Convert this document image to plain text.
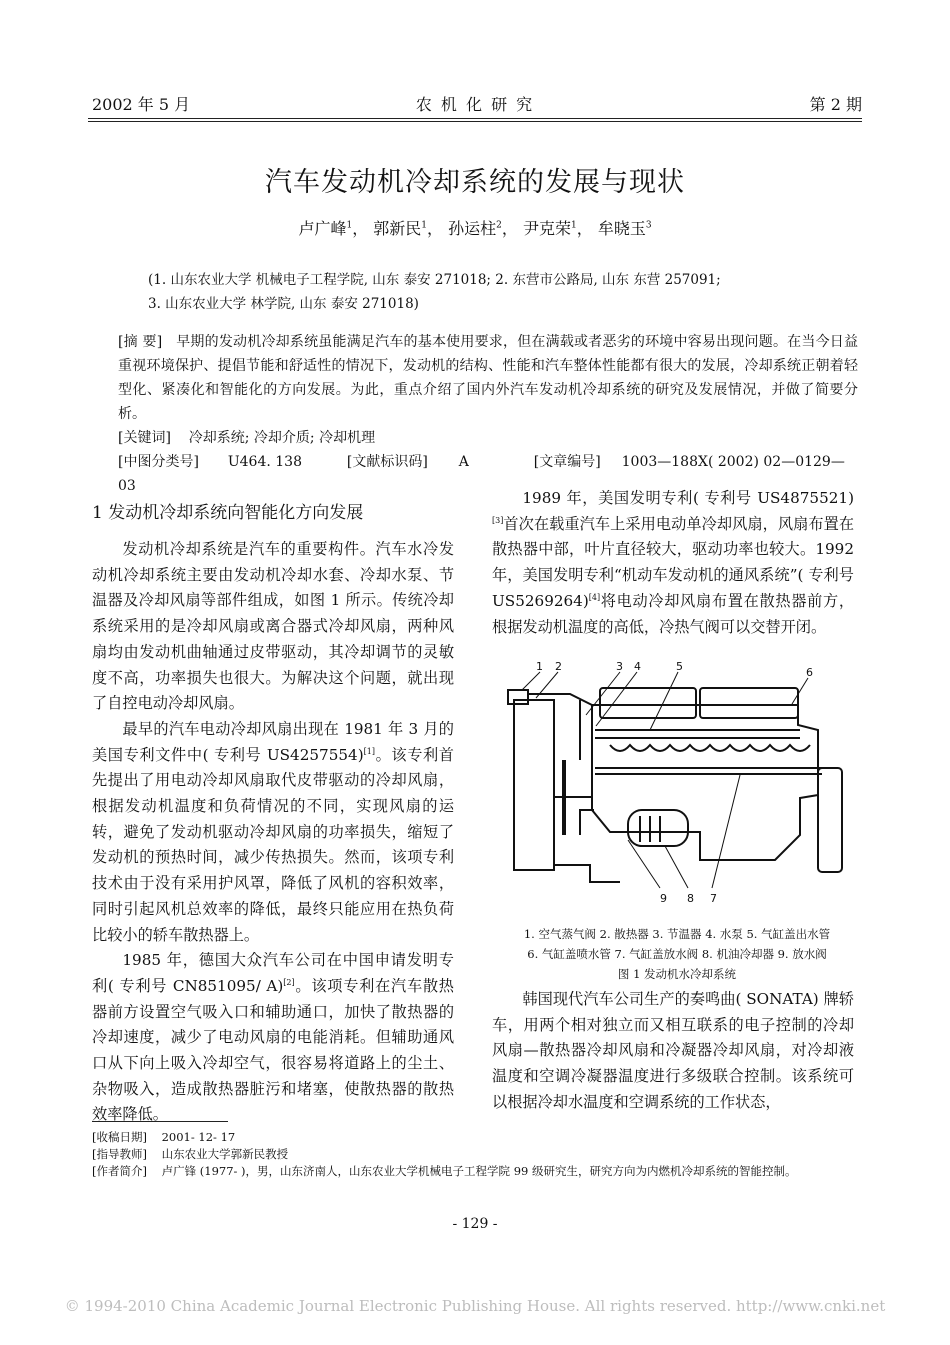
2002 年 5 月	农 机 化 研 究	第 2 期
汽车发动机冷却系统的发展与现状
卢广峰$^1$， 郭新民$^1$， 孙运柱$^2$， 尹克荣$^1$， 牟晓玉$^3$
(1. 山东农业大学 机械电子工程学院, 山东 泰安 271018; 2. 东营市公路局, 山东 东营 257091;
3. 山东农业大学 林学院, 山东 泰安 271018)
[摘 要] 早期的发动机冷却系统虽能满足汽车的基本使用要求，但在满载或者恶劣的环境中容易出现问题。在当今日益重视环境保护、提倡节能和舒适性的情况下，发动机的结构、性能和汽车整体性能都有很大的发展，冷却系统正朝着轻型化、紧凑化和智能化的方向发展。为此，重点介绍了国内外汽车发动机冷却系统的研究及发展情况，并做了简要分析。
[关键词] 冷却系统; 冷却介质; 冷却机理
[中图分类号] U464. 138	[文献标识码] A	[文章编号] 1003—188X( 2002) 02—0129—03
1 发动机冷却系统向智能化方向发展

发动机冷却系统是汽车的重要构件。汽车水冷发动机冷却系统主要由发动机冷却水套、冷却水泵、节温器及冷却风扇等部件组成，如图 1 所示。传统冷却系统采用的是冷却风扇或离合器式冷却风扇，两种风扇均由发动机曲轴通过皮带驱动，其冷却调节的灵敏度不高，功率损失也很大。为解决这个问题，就出现了自控电动冷却风扇。

最早的汽车电动冷却风扇出现在 1981 年 3 月的美国专利文件中( 专利号 US4257554)[1]。该专利首先提出了用电动冷却风扇取代皮带驱动的冷却风扇，根据发动机温度和负荷情况的不同，实现风扇的运转，避免了发动机驱动冷却风扇的功率损失，缩短了发动机的预热时间，减少传热损失。然而，该项专利技术由于没有采用护风罩，降低了风机的容积效率，同时引起风机总效率的降低，最终只能应用在热负荷比较小的轿车散热器上。

1985 年，德国大众汽车公司在中国申请发明专利( 专利号 CN851095/ A)[2]。该项专利在汽车散热器前方设置空气吸入口和辅助通口，加快了散热器的冷却速度，减少了电动风扇的电能消耗。但辅助通风口从下向上吸入冷却空气，很容易将道路上的尘土、杂物吸入，造成散热器脏污和堵塞，使散热器的散热效率降低。

1989 年，美国发明专利( 专利号 US4875521)[3]首次在载重汽车上采用电动单冷却风扇，风扇布置在散热器中部，叶片直径较大，驱动功率也较大。1992 年，美国发明专利“机动车发动机的通风系统”( 专利号 US5269264)[4]将电动冷却风扇布置在散热器前方，根据发动机温度的高低，冷热气阀可以交替开闭。

1 2	3 4	5	6
9 8 7
1. 空气蒸气阀 2. 散热器 3. 节温器 4. 水泵 5. 气缸盖出水管
6. 气缸盖喷水管 7. 气缸盖放水阀 8. 机油冷却器 9. 放水阀
图 1 发动机水冷却系统

韩国现代汽车公司生产的奏鸣曲( SONATA) 牌轿车，用两个相对独立而又相互联系的电子控制的冷却风扇—散热器冷却风扇和冷凝器冷却风扇，对冷却液温度和空调冷凝器温度进行多级联合控制。该系统可以根据冷却水温度和空调系统的工作状态，

[收稿日期] 2001- 12- 17
[指导教师] 山东农业大学郭新民教授
[作者简介] 卢广锋 (1977- )，男，山东济南人，山东农业大学机械电子工程学院 99 级研究生，研究方向为内燃机冷却系统的智能控制。
- 129 -
© 1994-2010 China Academic Journal Electronic Publishing House. All rights reserved. http://www.cnki.net
